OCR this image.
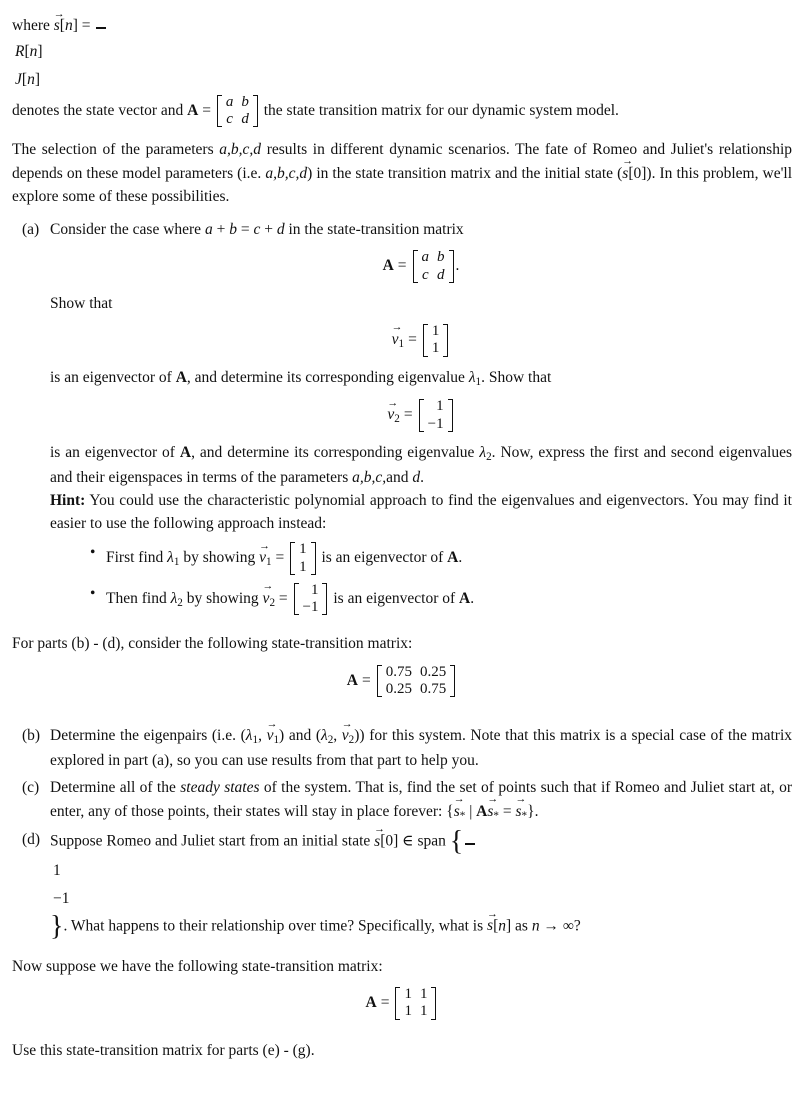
where → s[n] =

R[n]
J[n]
denotes the state vector and A = a	b
c	d
the state transition matrix for our dynamic system model.

The selection of the parameters a,b,c,d results in different dynamic scenarios. The fate of Romeo and Juliet's relationship depends on these model parameters (i.e. a,b,c,d) in the state transition matrix and the initial state (→ s[0]). In this problem, we'll explore some of these possibilities.

(a) Consider the case where a + b = c + d in the state-transition matrix

A = a	b
c	d
.

Show that

→ $v_1 = 1$
1

is an eigenvector of A, and determine its corresponding eigenvalue $\lambda_1$. Show that

→ $v_2 = 1$
−1

is an eigenvector of A, and determine its corresponding eigenvalue $\lambda_2$. Now, express the first and second eigenvalues and their eigenspaces in terms of the parameters a,b,c,and d.

Hint: You could use the characteristic polynomial approach to find the eigenvalues and eigenvectors. You may find it easier to use the following approach instead:

• First find $\lambda_1$ by showing → $v_1 = 1$
1
is an eigenvector of A.
• Then find $\lambda_2$ by showing → $v_2 = 1$
−1
is an eigenvector of A.

For parts (b) - (d), consider the following state-transition matrix:

A = 0.75	0.25
0.25	0.75
(b) Determine the eigenpairs (i.e. ($\lambda_1$, → $v_1$) and ($\lambda_2$, → $v_2$)) for this system. Note that this matrix is a special case of the matrix explored in part (a), so you can use results from that part to help you.

(c) Determine all of the steady states of the system. That is, find the set of points such that if Romeo and Juliet start at, or enter, any of those points, their states will stay in place forever: {→ $s_*$ | $A\to s_*$ = → $s_*$}.

(d) Suppose Romeo and Juliet start from an initial state → s[0] ∈ span {

1
−1
}. What happens to their relationship over time? Specifically, what is → s[n] as n → ∞?

Now suppose we have the following state-transition matrix:

A = 1	1
1	1

Use this state-transition matrix for parts (e) - (g).
